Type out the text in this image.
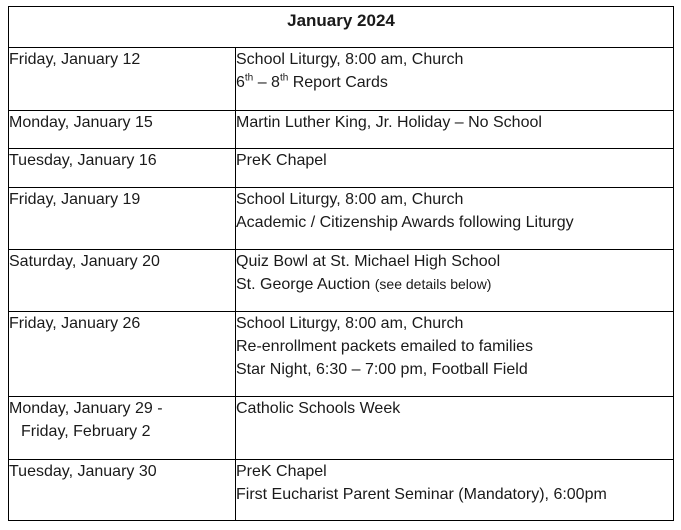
January 2024	

Friday, January 12	School Liturgy, 8:00 am, Church
6th – 8th Report Cards

Monday, January 15	Martin Luther King, Jr. Holiday – No School

Tuesday, January 16	PreK Chapel

Friday, January 19	School Liturgy, 8:00 am, Church
Academic / Citizenship Awards following Liturgy

Saturday, January 20	Quiz Bowl at St. Michael High School
St. George Auction (see details below)

Friday, January 26	School Liturgy, 8:00 am, Church
Re-enrollment packets emailed to families
Star Night, 6:30 – 7:00 pm, Football Field

Monday, January 29 -
Friday, February 2	Catholic Schools Week

Tuesday, January 30	PreK Chapel
First Eucharist Parent Seminar (Mandatory), 6:00pm
